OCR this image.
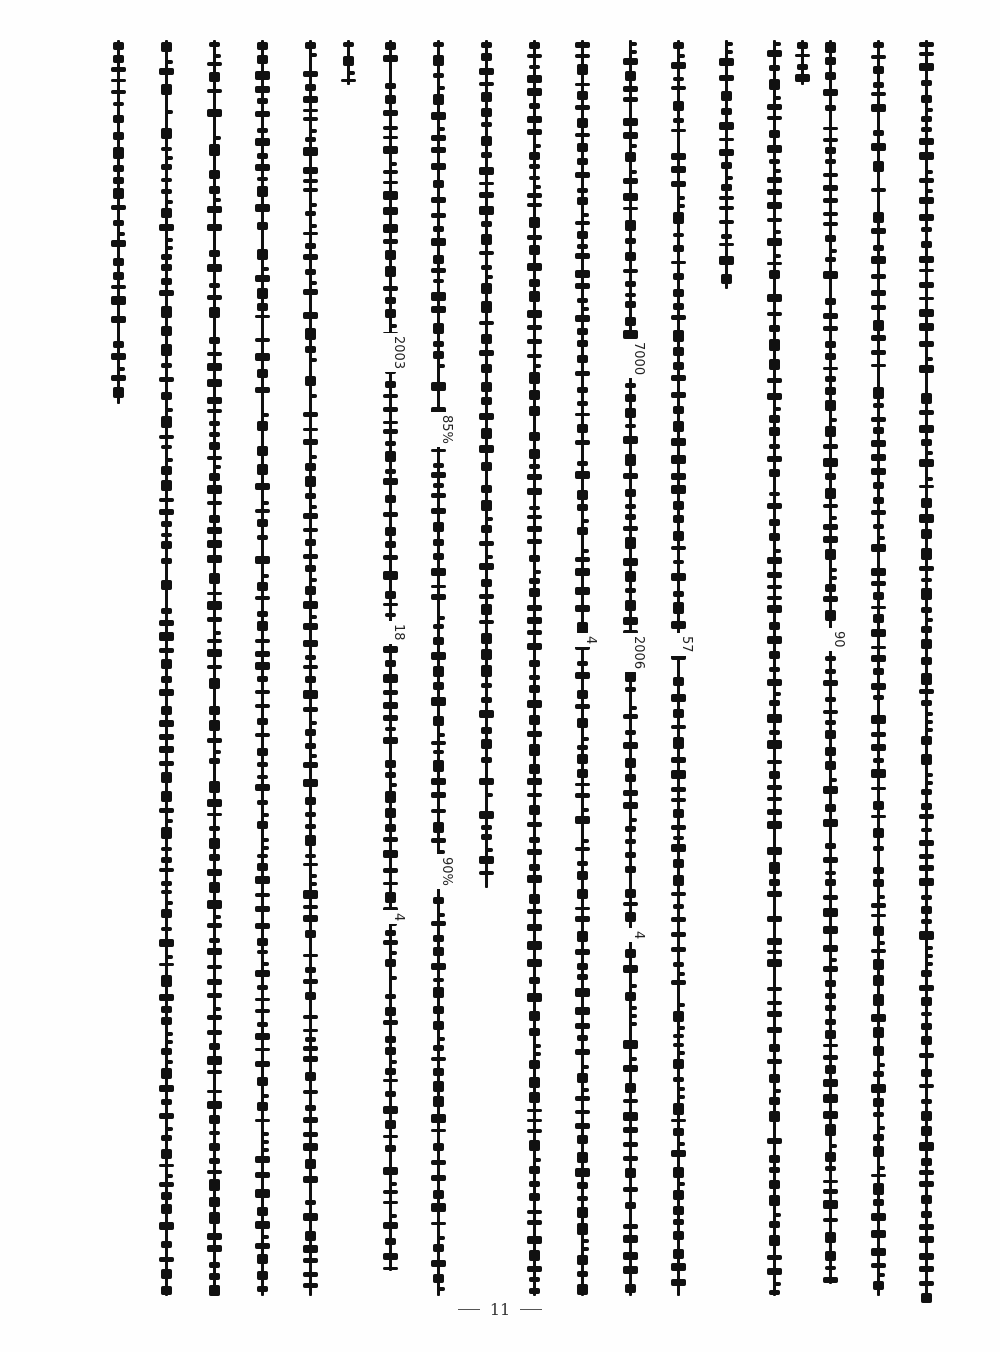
2003
18
4
85%
90%
4
7000
2006
4
57	90
11
